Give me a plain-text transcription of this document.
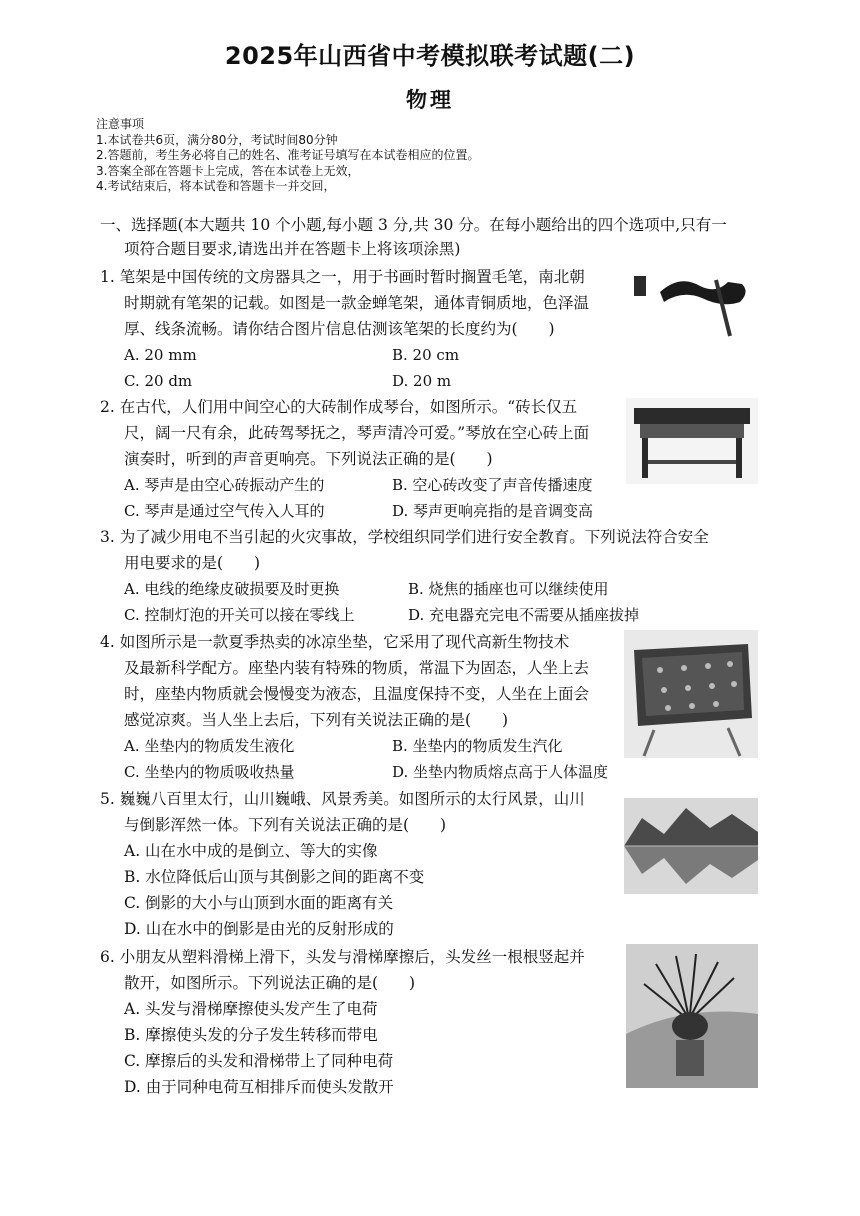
2025年山西省中考模拟联考试题(二)
物理
注意事项
1.本试卷共6页，满分80分，考试时间80分钟
2.答题前，考生务必将自己的姓名、准考证号填写在本试卷相应的位置。
3.答案全部在答题卡上完成，答在本试卷上无效，
4.考试结束后，将本试卷和答题卡一并交回，
一、选择题(本大题共 10 个小题,每小题 3 分,共 30 分。在每小题给出的四个选项中,只有一
项符合题目要求,请选出并在答题卡上将该项涂黑)
1. 笔架是中国传统的文房器具之一，用于书画时暂时搁置毛笔，南北朝
时期就有笔架的记载。如图是一款金蝉笔架，通体青铜质地，色泽温
厚、线条流畅。请你结合图片信息估测该笔架的长度约为(　　)
A. 20 mm	B. 20 cm
C. 20 dm	D. 20 m
2. 在古代，人们用中间空心的大砖制作成琴台，如图所示。“砖长仅五
尺，阔一尺有余，此砖驾琴抚之，琴声清冷可爱。”琴放在空心砖上面
演奏时，听到的声音更响亮。下列说法正确的是(　　)
A. 琴声是由空心砖振动产生的	B. 空心砖改变了声音传播速度
C. 琴声是通过空气传入人耳的	D. 琴声更响亮指的是音调变高
3. 为了减少用电不当引起的火灾事故，学校组织同学们进行安全教育。下列说法符合安全
用电要求的是(　　)
A. 电线的绝缘皮破损要及时更换	B. 烧焦的插座也可以继续使用
C. 控制灯泡的开关可以接在零线上	D. 充电器充完电不需要从插座拔掉
4. 如图所示是一款夏季热卖的冰凉坐垫，它采用了现代高新生物技术
及最新科学配方。座垫内装有特殊的物质，常温下为固态，人坐上去
时，座垫内物质就会慢慢变为液态，且温度保持不变，人坐在上面会
感觉凉爽。当人坐上去后，下列有关说法正确的是(　　)
A. 坐垫内的物质发生液化	B. 坐垫内的物质发生汽化
C. 坐垫内的物质吸收热量	D. 坐垫内物质熔点高于人体温度
5. 巍巍八百里太行，山川巍峨、风景秀美。如图所示的太行风景，山川
与倒影浑然一体。下列有关说法正确的是(　　)
A. 山在水中成的是倒立、等大的实像
B. 水位降低后山顶与其倒影之间的距离不变
C. 倒影的大小与山顶到水面的距离有关
D. 山在水中的倒影是由光的反射形成的
6. 小朋友从塑料滑梯上滑下，头发与滑梯摩擦后，头发丝一根根竖起并
散开，如图所示。下列说法正确的是(　　)
A. 头发与滑梯摩擦使头发产生了电荷
B. 摩擦使头发的分子发生转移而带电
C. 摩擦后的头发和滑梯带上了同种电荷
D. 由于同种电荷互相排斥而使头发散开
